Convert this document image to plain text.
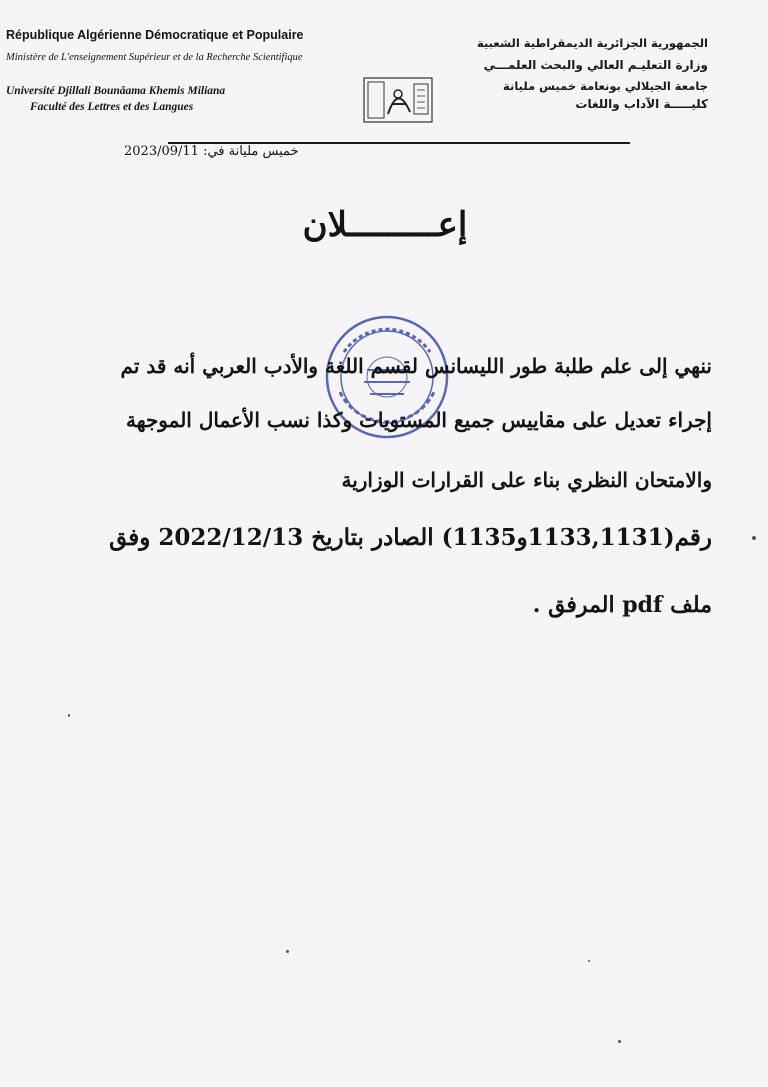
République Algérienne Démocratique et Populaire
Ministère de L'enseignement Supérieur et de la Recherche Scientifique
Université Djillali Bounâama Khemis Miliana
Faculté des Lettres et des Langues
الجمهورية الجزائرية الديمقراطية الشعبية
وزارة التعليـم العالي والبحث العلمـــي
جامعة الجيلالي بونعامة خميس مليانة
كليـــــة الآداب واللغات
خميس مليانة في: 2023/09/11
إعـــــــــلان
ننهي إلى علم طلبة طور الليسانس لقسم اللغة والأدب العربي أنه قد تم
إجراء تعديل على مقاييس جميع المستويات وكذا نسب الأعمال الموجهة
والامتحان النظري بناء على القرارات الوزارية
رقم(1133,1131و1135) الصادر بتاريخ 2022/12/13 وفق
ملف pdf المرفق .
